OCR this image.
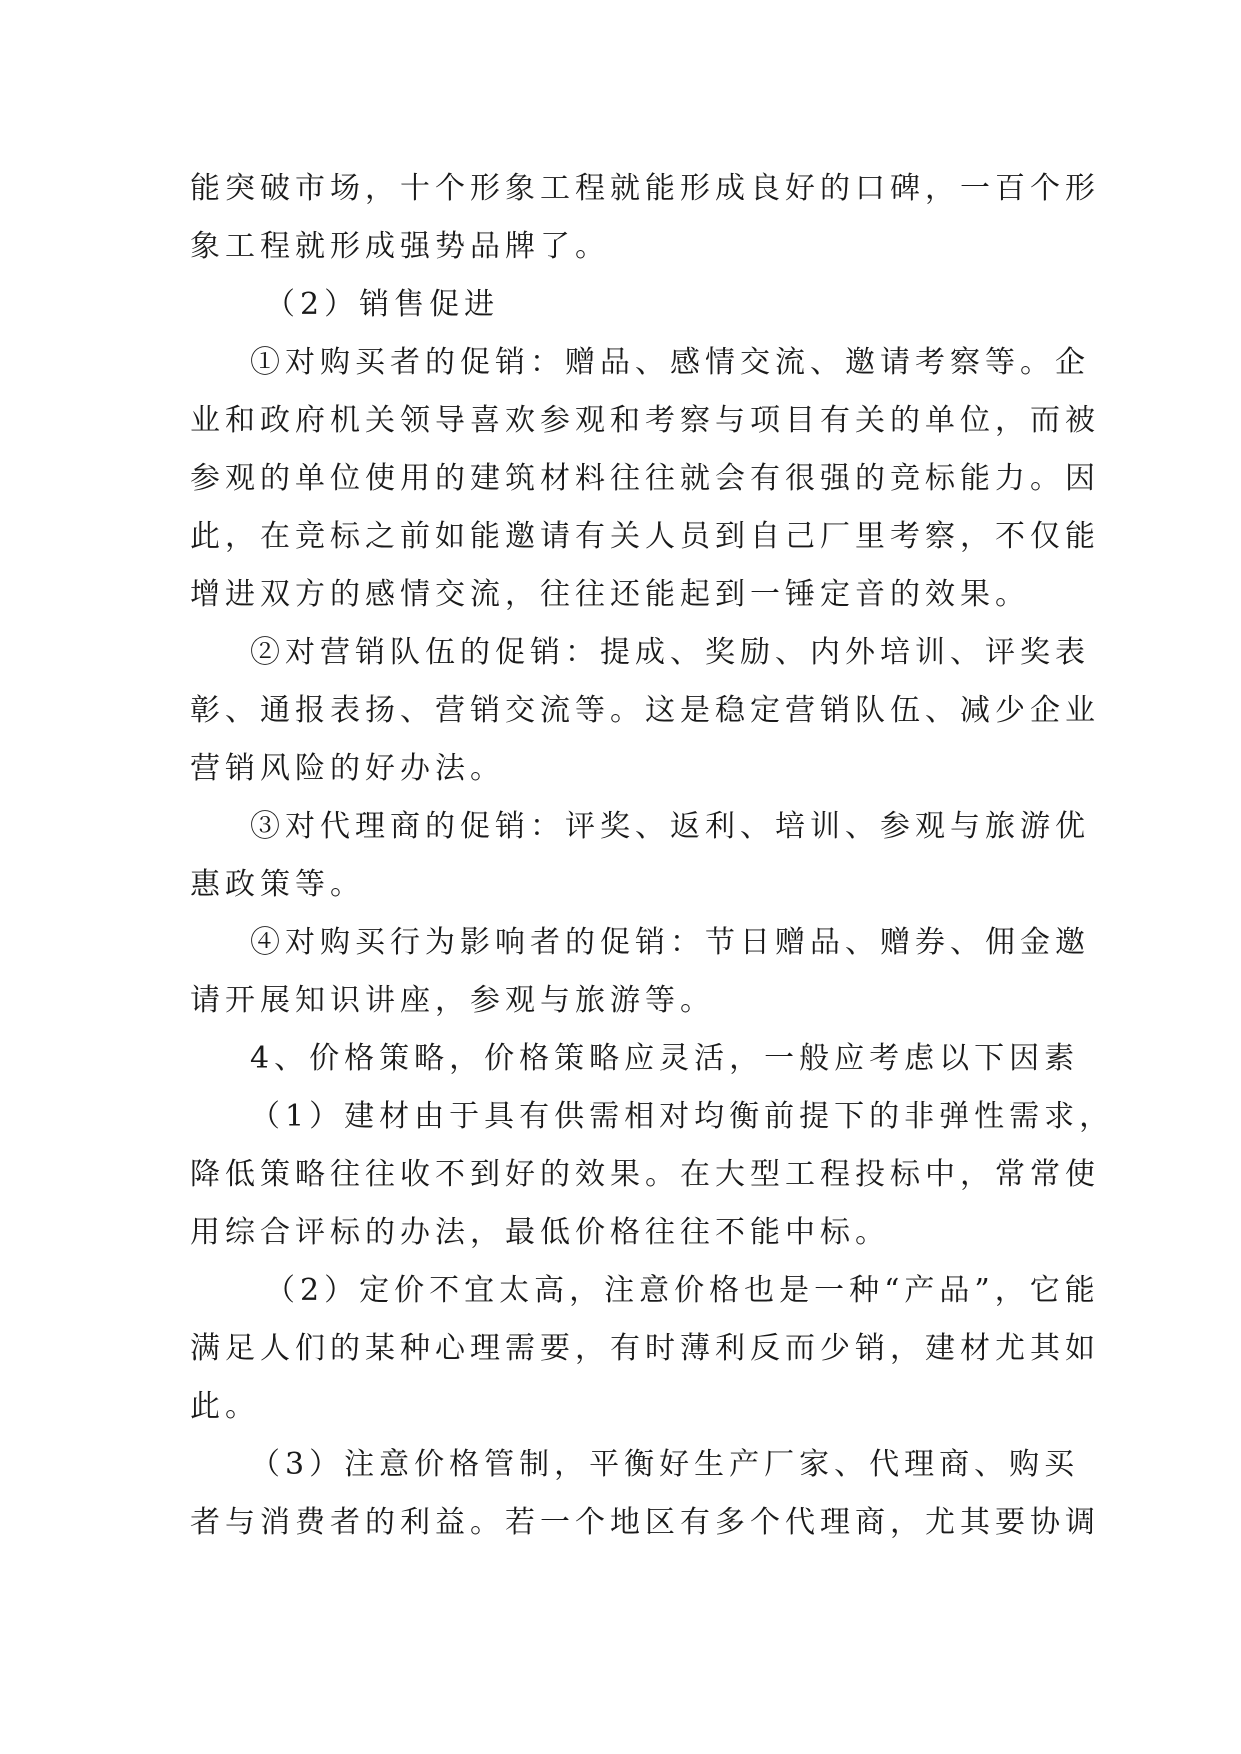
能突破市场，十个形象工程就能形成良好的口碑，一百个形
象工程就形成强势品牌了。
（2）销售促进
①对购买者的促销：赠品、感情交流、邀请考察等。企
业和政府机关领导喜欢参观和考察与项目有关的单位，而被
参观的单位使用的建筑材料往往就会有很强的竞标能力。因
此，在竞标之前如能邀请有关人员到自己厂里考察，不仅能
增进双方的感情交流，往往还能起到一锤定音的效果。
②对营销队伍的促销：提成、奖励、内外培训、评奖表
彰、通报表扬、营销交流等。这是稳定营销队伍、减少企业
营销风险的好办法。
③对代理商的促销：评奖、返利、培训、参观与旅游优
惠政策等。
④对购买行为影响者的促销：节日赠品、赠券、佣金邀
请开展知识讲座，参观与旅游等。
4、价格策略，价格策略应灵活，一般应考虑以下因素
（1）建材由于具有供需相对均衡前提下的非弹性需求，
降低策略往往收不到好的效果。在大型工程投标中，常常使
用综合评标的办法，最低价格往往不能中标。
（2）定价不宜太高，注意价格也是一种“产品”，它能
满足人们的某种心理需要，有时薄利反而少销，建材尤其如
此。
（3）注意价格管制，平衡好生产厂家、代理商、购买
者与消费者的利益。若一个地区有多个代理商，尤其要协调
